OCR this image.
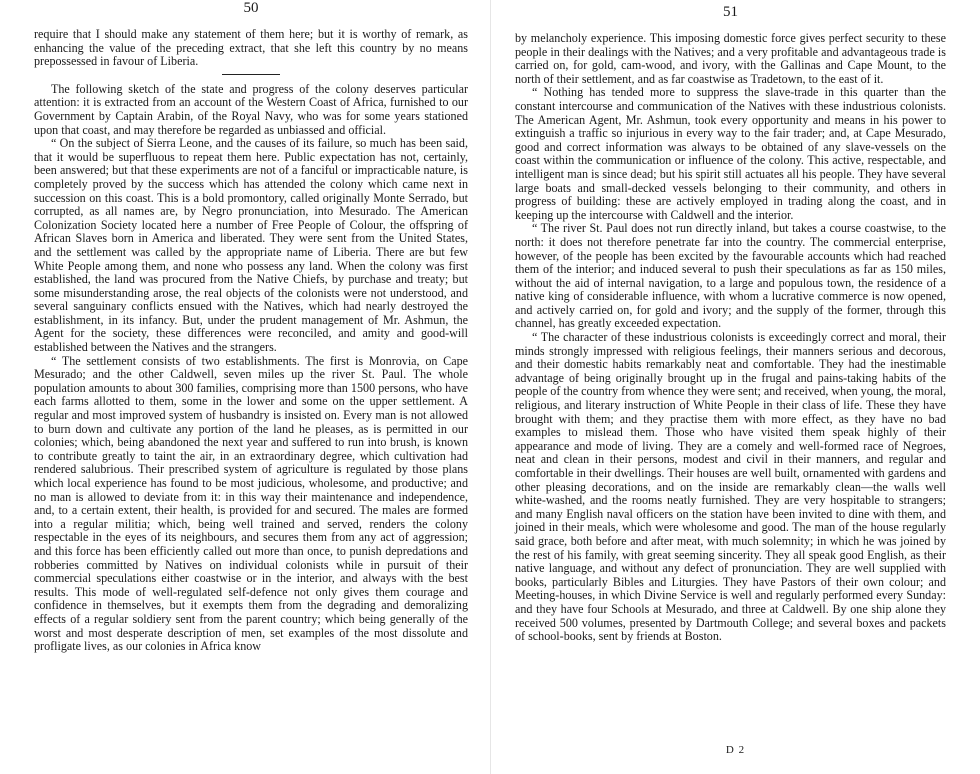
50

require that I should make any statement of them here; but it is worthy of remark, as enhancing the value of the preceding extract, that she left this country by no means prepossessed in favour of Liberia.

The following sketch of the state and progress of the colony deserves particular attention: it is extracted from an account of the Western Coast of Africa, furnished to our Government by Captain Arabin, of the Royal Navy, who was for some years stationed upon that coast, and may therefore be regarded as unbiassed and official.

“ On the subject of Sierra Leone, and the causes of its failure, so much has been said, that it would be superfluous to repeat them here. Public expectation has not, certainly, been answered; but that these experiments are not of a fanciful or impracticable nature, is completely proved by the success which has attended the colony which came next in succession on this coast. This is a bold promontory, called originally Monte Serrado, but corrupted, as all names are, by Negro pronunciation, into Mesurado. The American Colonization Society located here a number of Free People of Colour, the offspring of African Slaves born in America and liberated. They were sent from the United States, and the settlement was called by the appropriate name of Liberia. There are but few White People among them, and none who possess any land. When the colony was first established, the land was procured from the Native Chiefs, by purchase and treaty; but some misunderstanding arose, the real objects of the colonists were not understood, and several sanguinary conflicts ensued with the Natives, which had nearly destroyed the establishment, in its infancy. But, under the prudent management of Mr. Ashmun, the Agent for the society, these differences were reconciled, and amity and good-will established between the Natives and the strangers.

“ The settlement consists of two establishments. The first is Monrovia, on Cape Mesurado; and the other Caldwell, seven miles up the river St. Paul. The whole population amounts to about 300 families, comprising more than 1500 persons, who have each farms allotted to them, some in the lower and some on the upper settlement. A regular and most improved system of husbandry is insisted on. Every man is not allowed to burn down and cultivate any portion of the land he pleases, as is permitted in our colonies; which, being abandoned the next year and suffered to run into brush, is known to contribute greatly to taint the air, in an extraordinary degree, which cultivation had rendered salubrious. Their prescribed system of agriculture is regulated by those plans which local experience has found to be most judicious, wholesome, and productive; and no man is allowed to deviate from it: in this way their maintenance and independence, and, to a certain extent, their health, is provided for and secured. The males are formed into a regular militia; which, being well trained and served, renders the colony respectable in the eyes of its neighbours, and secures them from any act of aggression; and this force has been efficiently called out more than once, to punish depredations and robberies committed by Natives on individual colonists while in pursuit of their commercial speculations either coastwise or in the interior, and always with the best results. This mode of well-regulated self-defence not only gives them courage and confidence in themselves, but it exempts them from the degrading and demoralizing effects of a regular soldiery sent from the parent country; which being generally of the worst and most desperate description of men, set examples of the most dissolute and profligate lives, as our colonies in Africa know

51

by melancholy experience. This imposing domestic force gives perfect security to these people in their dealings with the Natives; and a very profitable and advantageous trade is carried on, for gold, cam-wood, and ivory, with the Gallinas and Cape Mount, to the north of their settlement, and as far coastwise as Tradetown, to the east of it.

“ Nothing has tended more to suppress the slave-trade in this quarter than the constant intercourse and communication of the Natives with these industrious colonists. The American Agent, Mr. Ashmun, took every opportunity and means in his power to extinguish a traffic so injurious in every way to the fair trader; and, at Cape Mesurado, good and correct information was always to be obtained of any slave-vessels on the coast within the communication or influence of the colony. This active, respectable, and intelligent man is since dead; but his spirit still actuates all his people. They have several large boats and small-decked vessels belonging to their community, and others in progress of building: these are actively employed in trading along the coast, and in keeping up the intercourse with Caldwell and the interior.

“ The river St. Paul does not run directly inland, but takes a course coastwise, to the north: it does not therefore penetrate far into the country. The commercial enterprise, however, of the people has been excited by the favourable accounts which had reached them of the interior; and induced several to push their speculations as far as 150 miles, without the aid of internal navigation, to a large and populous town, the residence of a native king of considerable influence, with whom a lucrative commerce is now opened, and actively carried on, for gold and ivory; and the supply of the former, through this channel, has greatly exceeded expectation.

“ The character of these industrious colonists is exceedingly correct and moral, their minds strongly impressed with religious feelings, their manners serious and decorous, and their domestic habits remarkably neat and comfortable. They had the inestimable advantage of being originally brought up in the frugal and pains-taking habits of the people of the country from whence they were sent; and received, when young, the moral, religious, and literary instruction of White People in their class of life. These they have brought with them; and they practise them with more effect, as they have no bad examples to mislead them. Those who have visited them speak highly of their appearance and mode of living. They are a comely and well-formed race of Negroes, neat and clean in their persons, modest and civil in their manners, and regular and comfortable in their dwellings. Their houses are well built, ornamented with gardens and other pleasing decorations, and on the inside are remarkably clean—the walls well white-washed, and the rooms neatly furnished. They are very hospitable to strangers; and many English naval officers on the station have been invited to dine with them, and joined in their meals, which were wholesome and good. The man of the house regularly said grace, both before and after meat, with much solemnity; in which he was joined by the rest of his family, with great seeming sincerity. They all speak good English, as their native language, and without any defect of pronunciation. They are well supplied with books, particularly Bibles and Liturgies. They have Pastors of their own colour; and Meeting-houses, in which Divine Service is well and regularly performed every Sunday: and they have four Schools at Mesurado, and three at Caldwell. By one ship alone they received 500 volumes, presented by Dartmouth College; and several boxes and packets of school-books, sent by friends at Boston.

D 2
